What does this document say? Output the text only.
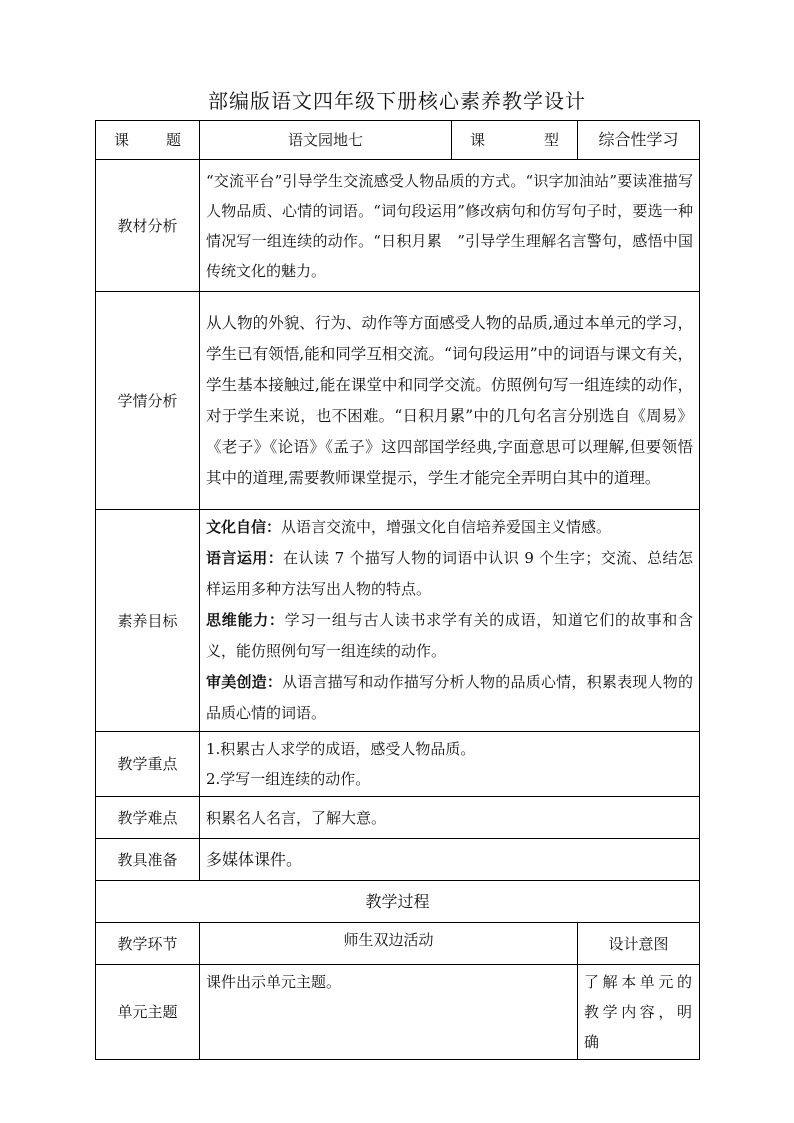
部编版语文四年级下册核心素养教学设计
课　　题	语文园地七	课　　型	综合性学习
教材分析	“交流平台”引导学生交流感受人物品质的方式。“识字加油站”要读准描写人物品质、心情的词语。“词句段运用”修改病句和仿写句子时，要选一种情况写一组连续的动作。“日积月累　”引导学生理解名言警句，感悟中国传统文化的魅力。		
学情分析	从人物的外貌、行为、动作等方面感受人物的品质,通过本单元的学习，学生已有领悟,能和同学互相交流。“词句段运用”中的词语与课文有关，学生基本接触过,能在课堂中和同学交流。仿照例句写一组连续的动作，对于学生来说，也不困难。“日积月累”中的几句名言分别选自《周易》《老子》《论语》《孟子》这四部国学经典,字面意思可以理解,但要领悟其中的道理,需要教师课堂提示，学生才能完全弄明白其中的道理。		
素养目标	文化自信：从语言交流中，增强文化自信培养爱国主义情感。
语言运用：在认读 7 个描写人物的词语中认识 9 个生字；交流、总结怎样运用多种方法写出人物的特点。
思维能力：学习一组与古人读书求学有关的成语，知道它们的故事和含义，能仿照例句写一组连续的动作。
审美创造：从语言描写和动作描写分析人物的品质心情，积累表现人物的品质心情的词语。		

教学重点	1.积累古人求学的成语，感受人物品质。
2.学写一组连续的动作。		

教学难点	积累名人名言，了解大意。		
教具准备	多媒体课件。		
教学过程			
教学环节	师生双边活动		设计意图
单元主题	课件出示单元主题。		了解本单元的教学内容，明确
